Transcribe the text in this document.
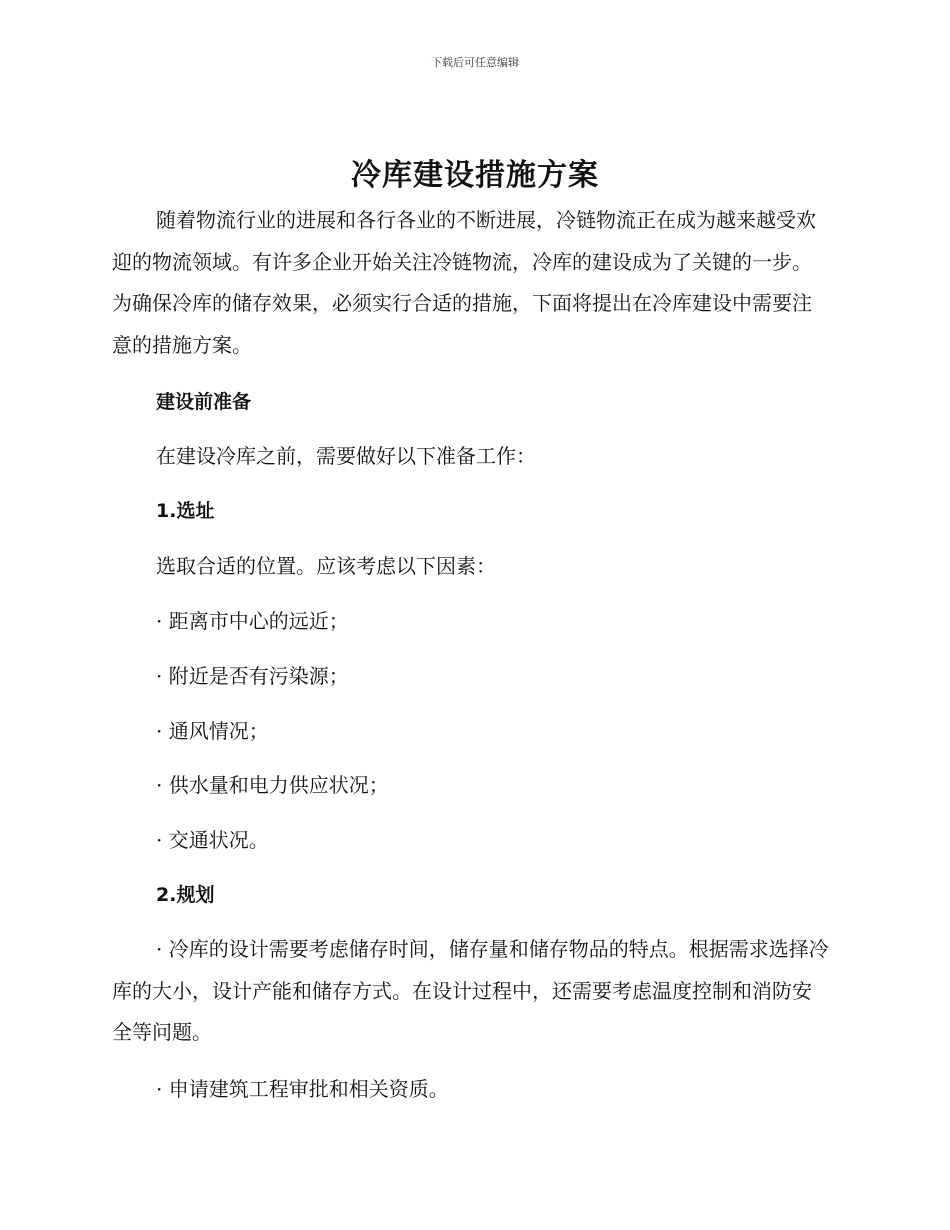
下载后可任意编辑
冷库建设措施方案

随着物流行业的进展和各行各业的不断进展，冷链物流正在成为越来越受欢迎的物流领域。有许多企业开始关注冷链物流，冷库的建设成为了关键的一步。为确保冷库的储存效果，必须实行合适的措施，下面将提出在冷库建设中需要注意的措施方案。

建设前准备

在建设冷库之前，需要做好以下准备工作：

1.选址

选取合适的位置。应该考虑以下因素：

· 距离市中心的远近；

· 附近是否有污染源；

· 通风情况；

· 供水量和电力供应状况；

· 交通状况。

2.规划

· 冷库的设计需要考虑储存时间，储存量和储存物品的特点。根据需求选择冷库的大小，设计产能和储存方式。在设计过程中，还需要考虑温度控制和消防安全等问题。

· 申请建筑工程审批和相关资质。
